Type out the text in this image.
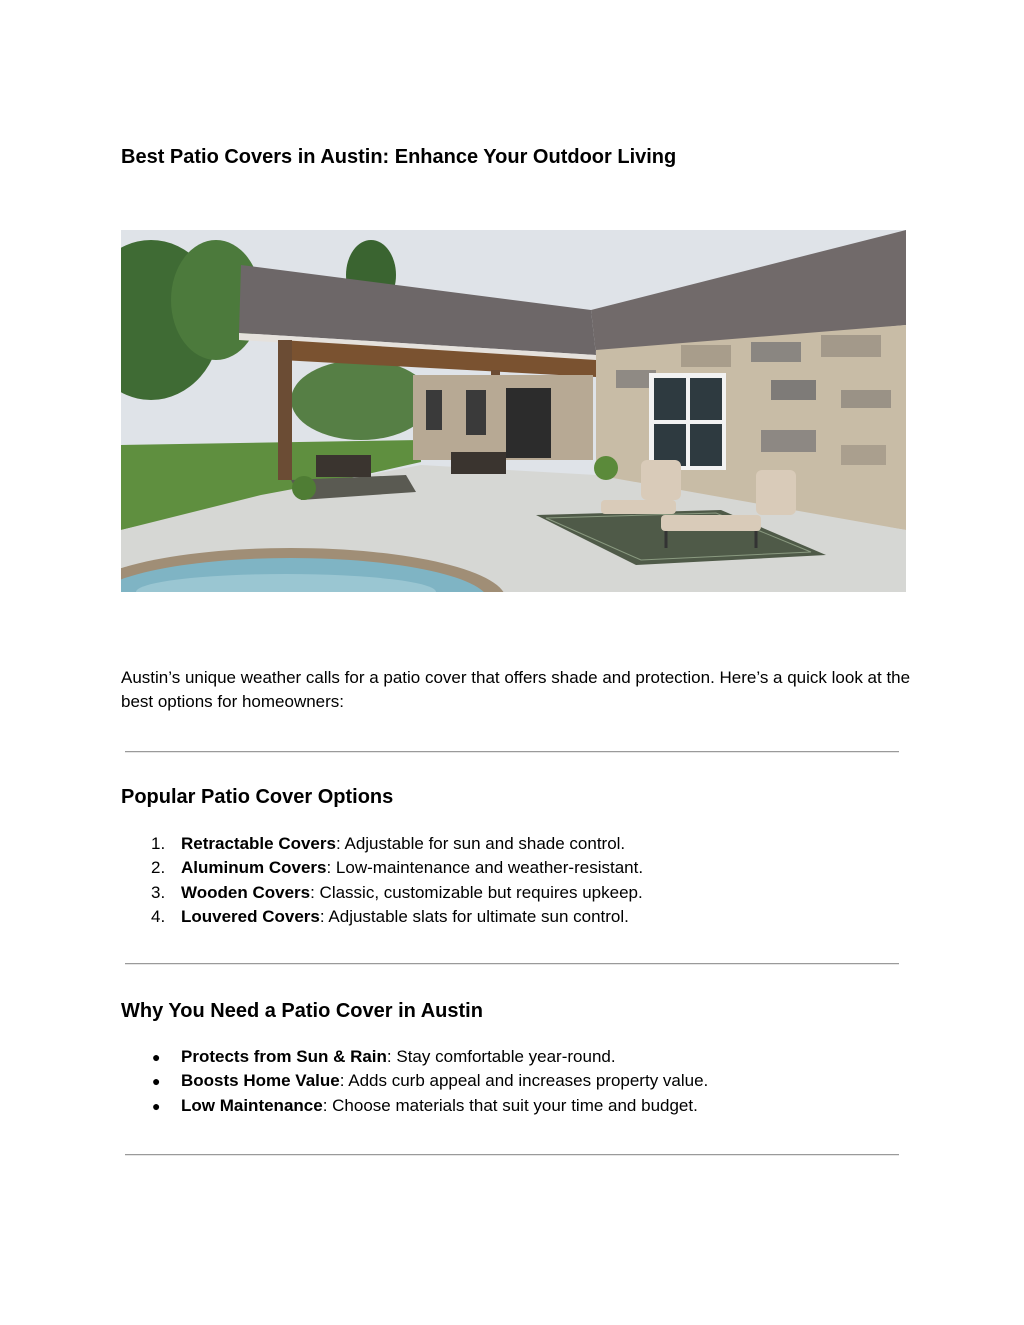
Best Patio Covers in Austin: Enhance Your Outdoor Living

Austin’s unique weather calls for a patio cover that offers shade and protection. Here’s a quick look at the best options for homeowners:

Popular Patio Cover Options
1. Retractable Covers: Adjustable for sun and shade control.
2. Aluminum Covers: Low-maintenance and weather-resistant.
3. Wooden Covers: Classic, customizable but requires upkeep.
4. Louvered Covers: Adjustable slats for ultimate sun control.
Why You Need a Patio Cover in Austin
● Protects from Sun & Rain: Stay comfortable year-round.
● Boosts Home Value: Adds curb appeal and increases property value.
● Low Maintenance: Choose materials that suit your time and budget.
